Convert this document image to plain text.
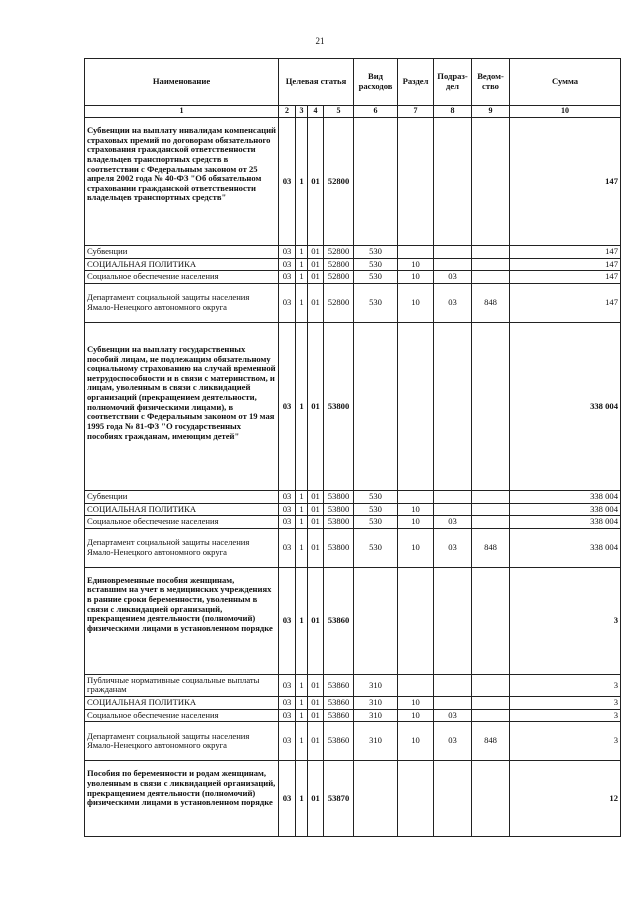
21
Наименование	Целевая статья				Вид расходов	Раздел	Подраз-дел	Ведом-ство	Сумма
1	2	3	4	5	6	7	8	9	10
Субвенции на выплату инвалидам компенсаций страховых премий по договорам обязательного страхования гражданской ответственности владельцев транспортных средств в соответствии с Федеральным законом от 25 апреля 2002 года № 40-ФЗ "Об обязательном страховании гражданской ответственности владельцев транспортных средств"	03	1	01	52800					147
Субвенции	03	1	01	52800	530				147
СОЦИАЛЬНАЯ ПОЛИТИКА	03	1	01	52800	530	10			147
Социальное обеспечение населения	03	1	01	52800	530	10	03		147
Департамент социальной защиты населения Ямало-Ненецкого автономного округа	03	1	01	52800	530	10	03	848	147
Субвенции на выплату государственных пособий лицам, не подлежащим обязательному социальному страхованию на случай временной нетрудоспособности и в связи с материнством, и лицам, уволенным в связи с ликвидацией организаций (прекращением деятельности, полномочий физическими лицами), в соответствии с Федеральным законом от 19 мая 1995 года № 81-ФЗ "О государственных пособиях гражданам, имеющим детей"	03	1	01	53800					338 004
Субвенции	03	1	01	53800	530				338 004
СОЦИАЛЬНАЯ ПОЛИТИКА	03	1	01	53800	530	10			338 004
Социальное обеспечение населения	03	1	01	53800	530	10	03		338 004
Департамент социальной защиты населения Ямало-Ненецкого автономного округа	03	1	01	53800	530	10	03	848	338 004
Единовременные пособия женщинам, вставшим на учет в медицинских учреждениях в ранние сроки беременности, уволенным в связи с ликвидацией организаций, прекращением деятельности (полномочий) физическими лицами в установленном порядке	03	1	01	53860					3
Публичные нормативные социальные выплаты гражданам	03	1	01	53860	310				3
СОЦИАЛЬНАЯ ПОЛИТИКА	03	1	01	53860	310	10			3
Социальное обеспечение населения	03	1	01	53860	310	10	03		3
Департамент социальной защиты населения Ямало-Ненецкого автономного округа	03	1	01	53860	310	10	03	848	3
Пособия по беременности и родам женщинам, уволенным в связи с ликвидацией организаций, прекращением деятельности (полномочий) физическими лицами в установленном порядке	03	1	01	53870					12
